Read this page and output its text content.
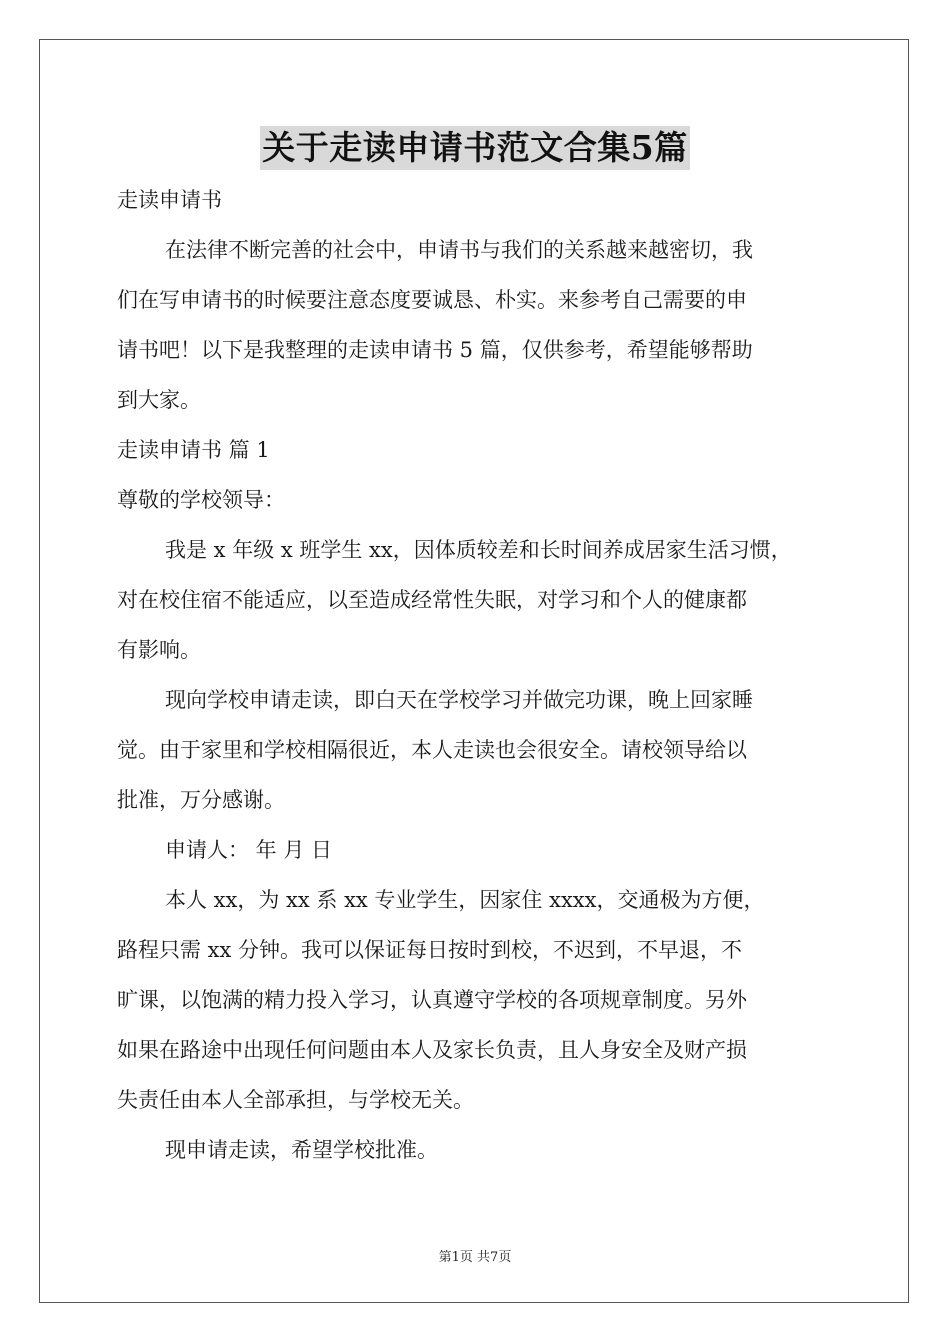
关于走读申请书范文合集5篇
走读申请书
在法律不断完善的社会中，申请书与我们的关系越来越密切，我
们在写申请书的时候要注意态度要诚恳、朴实。来参考自己需要的申
请书吧！以下是我整理的走读申请书 5 篇，仅供参考，希望能够帮助
到大家。
走读申请书 篇 1
尊敬的学校领导：
我是 x 年级 x 班学生 xx，因体质较差和长时间养成居家生活习惯，
对在校住宿不能适应，以至造成经常性失眠，对学习和个人的健康都
有影响。
现向学校申请走读，即白天在学校学习并做完功课，晚上回家睡
觉。由于家里和学校相隔很近，本人走读也会很安全。请校领导给以
批准，万分感谢。
申请人： 年 月 日
本人 xx，为 xx 系 xx 专业学生，因家住 xxxx，交通极为方便，
路程只需 xx 分钟。我可以保证每日按时到校，不迟到，不早退，不
旷课，以饱满的精力投入学习，认真遵守学校的各项规章制度。另外
如果在路途中出现任何问题由本人及家长负责，且人身安全及财产损
失责任由本人全部承担，与学校无关。
现申请走读，希望学校批准。
第1页 共7页
